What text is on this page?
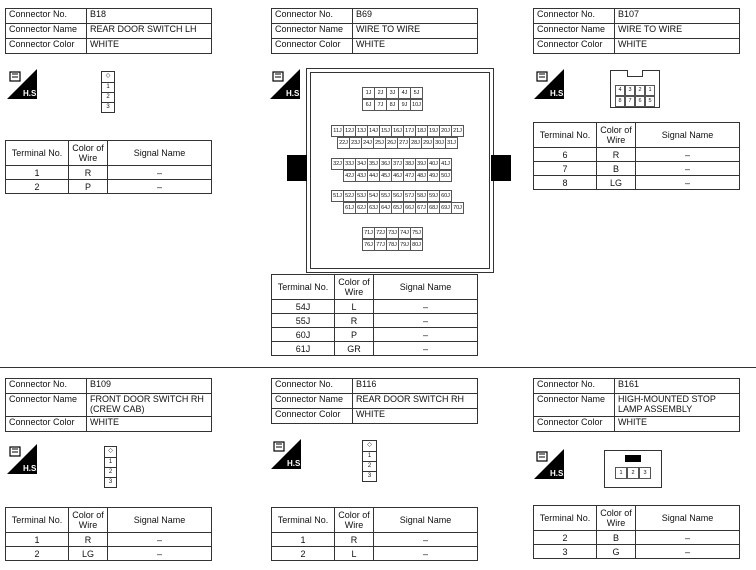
Connector No.	B18
Connector Name	REAR DOOR SWITCH LH
Connector Color	WHITE
H.S.
◇
1
2
3
Terminal No.	Color of Wire	Signal Name
1	R	–
2	P	–
Connector No.	B69
Connector Name	WIRE TO WIRE
Connector Color	WHITE
H.S.	1J	2J	3J	4J	5J
6J	7J	8J	9J 10J
11J 12J 13J 14J 15J 16J 17J 18J 19J 20J 21J
22J 23J 24J 25J 26J 27J 28J 29J 30J 31J
32J 33J 34J 35J 36J 37J 38J 39J 40J 41J
42J 43J 44J 45J 46J 47J 48J 49J 50J
51J 52J 53J 54J 55J 56J 57J 58J 59J 60J
61J 62J 63J 64J 65J 66J 67J 68J 69J 70J
71J 72J 73J 74J 75J
76J 77J 78J 79J 80J
Terminal No.	Color of Wire	Signal Name
54J	L	–
55J	R	–
60J	P	–
61J	GR	–
Connector No.	B107
Connector Name	WIRE TO WIRE
Connector Color	WHITE
H.S.	4	3	2	1
8	7	6	5
Terminal No.	Color of Wire	Signal Name
6	R	–
7	B	–
8	LG	–
Connector No.	B109
Connector Name	FRONT DOOR SWITCH RH (CREW CAB)
Connector Color	WHITE
H.S.
◇
1
2
3
Terminal No.	Color of Wire	Signal Name
1	R	–
2	LG	–
Connector No.	B116
Connector Name	REAR DOOR SWITCH RH
Connector Color	WHITE
H.S.
◇
1
2
3
Terminal No.	Color of Wire	Signal Name
1	R	–
2	L	–
Connector No.	B161
Connector Name	HIGH-MOUNTED STOP LAMP ASSEMBLY
Connector Color	WHITE
H.S.	1	2	3
Terminal No.	Color of Wire	Signal Name
2	B	–
3	G	–
